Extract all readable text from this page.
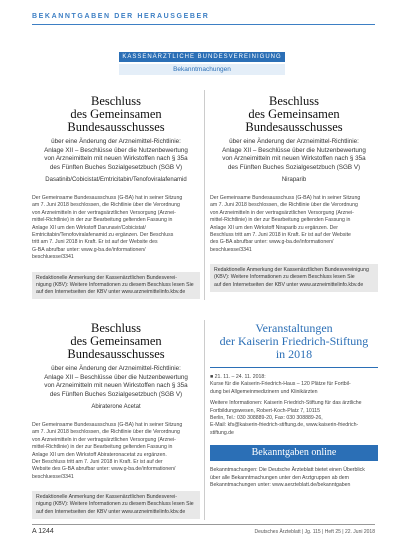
BEKANNTGABEN DER HERAUSGEBER
KASSENÄRZTLICHE BUNDESVEREINIGUNG
Bekanntmachungen
Beschluss
des Gemeinsamen Bundesausschusses
über eine Änderung der Arzneimittel-Richtlinie:
Anlage XII – Beschlüsse über die Nutzenbewertung
von Arzneimitteln mit neuen Wirkstoffen nach § 35a
des Fünften Buches Sozialgesetzbuch (SGB V)
Dasatinib/Cobicistat/Emtricitabin/Tenofoviralafenamid
Der Gemeinsame Bundesausschuss (G-BA) hat in seiner Sitzung
am 7. Juni 2018 beschlossen, die Richtlinie über die Verordnung
von Arzneimitteln in der vertragsärztlichen Versorgung (Arznei-
mittel-Richtlinie) in der zur Bearbeitung geltenden Fassung in
Anlage XII um den Wirkstoff Darunavir/Cobicistat/
Emtricitabin/Tenofoviralafenamid zu ergänzen. Der Beschluss
tritt am 7. Juni 2018 in Kraft. Er ist auf der Website des
G-BA abrufbar unter: www.g-ba.de/informationen/
beschluesse/3341
Redaktionelle Anmerkung der Kassenärztlichen Bundesverei-
nigung (KBV): Weitere Informationen zu diesem Beschluss lesen Sie
auf den Internetseiten der KBV unter www.arzneimittelinfo.kbv.de
Beschluss
des Gemeinsamen Bundesausschusses
über eine Änderung der Arzneimittel-Richtlinie:
Anlage XII – Beschlüsse über die Nutzenbewertung
von Arzneimitteln mit neuen Wirkstoffen nach § 35a
des Fünften Buches Sozialgesetzbuch (SGB V)
Niraparib
Der Gemeinsame Bundesausschuss (G-BA) hat in seiner Sitzung
am 7. Juni 2018 beschlossen, die Richtlinie über die Verordnung
von Arzneimitteln in der vertragsärztlichen Versorgung (Arznei-
mittel-Richtlinie) in der zur Bearbeitung geltenden Fassung in
Anlage XII um den Wirkstoff Niraparib zu ergänzen. Der
Beschluss tritt am 7. Juni 2018 in Kraft. Er ist auf der Website
des G-BA abrufbar unter: www.g-ba.de/informationen/
beschluesse/3341
Redaktionelle Anmerkung der Kassenärztlichen Bundesvereinigung
(KBV): Weitere Informationen zu diesem Beschluss lesen Sie
auf den Internetseiten der KBV unter www.arzneimittelinfo.kbv.de
Beschluss
des Gemeinsamen Bundesausschusses
über eine Änderung der Arzneimittel-Richtlinie:
Anlage XII – Beschlüsse über die Nutzenbewertung
von Arzneimitteln mit neuen Wirkstoffen nach § 35a
des Fünften Buches Sozialgesetzbuch (SGB V)
Abiraterone Acetat
Der Gemeinsame Bundesausschuss (G-BA) hat in seiner Sitzung
am 7. Juni 2018 beschlossen, die Richtlinie über die Verordnung
von Arzneimitteln in der vertragsärztlichen Versorgung (Arznei-
mittel-Richtlinie) in der zur Bearbeitung geltenden Fassung in
Anlage XII um den Wirkstoff Abirateronacetat zu ergänzen.
Der Beschluss tritt am 7. Juni 2018 in Kraft. Er ist auf der
Website des G-BA abrufbar unter: www.g-ba.de/informationen/
beschluesse/3341
Redaktionelle Anmerkung der Kassenärztlichen Bundesverei-
nigung (KBV): Weitere Informationen zu diesem Beschluss lesen Sie
auf den Internetseiten der KBV unter www.arzneimittelinfo.kbv.de
Veranstaltungen
der Kaiserin Friedrich-Stiftung
in 2018
■ 21. 11. – 24. 11. 2018:
Kurse für die Kaiserin-Friedrich-Haus – 120 Plätze für Fortbil-
dung bei Allgemeinmedizinern und Klinikärzten
Weitere Informationen: Kaiserin Friedrich-Stiftung für das ärztliche
Fortbildungswesen, Robert-Koch-Platz 7, 10115
Berlin, Tel.: 030 308889-20, Fax: 030 308889-26,
E-Mail: kfs@kaiserin-friedrich-stiftung.de, www.kaiserin-friedrich-
stiftung.de
Bekanntgaben online
Bekanntmachungen: Die Deutsche Ärzteblatt bietet einen Überblick
über alle Bekanntmachungen unter den Arztgruppen ab dem
Bekanntmachungen unter: www.aerzteblatt.de/bekanntgaben
A 1244	Deutsches Ärzteblatt | Jg. 115 | Heft 25 | 22. Juni 2018
